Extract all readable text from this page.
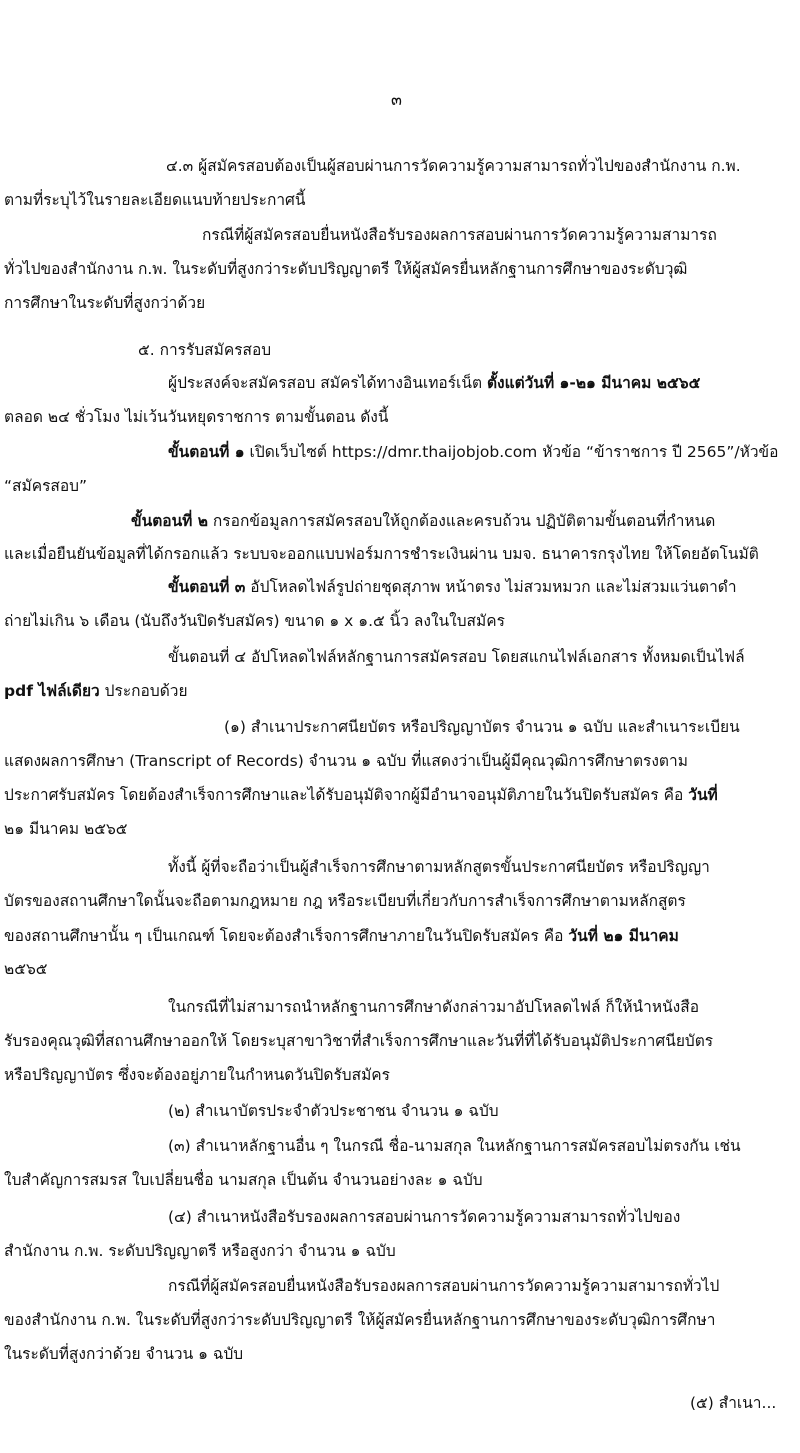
๓
๔.๓ ผู้สมัครสอบต้องเป็นผู้สอบผ่านการวัดความรู้ความสามารถทั่วไปของสำนักงาน ก.พ.
ตามที่ระบุไว้ในรายละเอียดแนบท้ายประกาศนี้
กรณีที่ผู้สมัครสอบยื่นหนังสือรับรองผลการสอบผ่านการวัดความรู้ความสามารถ
ทั่วไปของสำนักงาน ก.พ. ในระดับที่สูงกว่าระดับปริญญาตรี ให้ผู้สมัครยื่นหลักฐานการศึกษาของระดับวุฒิ
การศึกษาในระดับที่สูงกว่าด้วย
๕. การรับสมัครสอบ
ผู้ประสงค์จะสมัครสอบ สมัครได้ทางอินเทอร์เน็ต ตั้งแต่วันที่ ๑-๒๑ มีนาคม ๒๕๖๕
ตลอด ๒๔ ชั่วโมง ไม่เว้นวันหยุดราชการ ตามขั้นตอน ดังนี้
ขั้นตอนที่ ๑ เปิดเว็บไซต์ https://dmr.thaijobjob.com หัวข้อ “ข้าราชการ ปี 2565”/หัวข้อ
“สมัครสอบ”
ขั้นตอนที่ ๒ กรอกข้อมูลการสมัครสอบให้ถูกต้องและครบถ้วน ปฏิบัติตามขั้นตอนที่กำหนด
และเมื่อยืนยันข้อมูลที่ได้กรอกแล้ว ระบบจะออกแบบฟอร์มการชำระเงินผ่าน บมจ. ธนาคารกรุงไทย ให้โดยอัตโนมัติ
ขั้นตอนที่ ๓ อัปโหลดไฟล์รูปถ่ายชุดสุภาพ หน้าตรง ไม่สวมหมวก และไม่สวมแว่นตาดำ
ถ่ายไม่เกิน ๖ เดือน (นับถึงวันปิดรับสมัคร) ขนาด ๑ x ๑.๕ นิ้ว ลงในใบสมัคร
ขั้นตอนที่ ๔ อัปโหลดไฟล์หลักฐานการสมัครสอบ โดยสแกนไฟล์เอกสาร ทั้งหมดเป็นไฟล์
pdf ไฟล์เดียว ประกอบด้วย
(๑) สำเนาประกาศนียบัตร หรือปริญญาบัตร จำนวน ๑ ฉบับ และสำเนาระเบียน
แสดงผลการศึกษา (Transcript of Records) จำนวน ๑ ฉบับ ที่แสดงว่าเป็นผู้มีคุณวุฒิการศึกษาตรงตาม
ประกาศรับสมัคร โดยต้องสำเร็จการศึกษาและได้รับอนุมัติจากผู้มีอำนาจอนุมัติภายในวันปิดรับสมัคร คือ วันที่
๒๑ มีนาคม ๒๕๖๕
ทั้งนี้ ผู้ที่จะถือว่าเป็นผู้สำเร็จการศึกษาตามหลักสูตรขั้นประกาศนียบัตร หรือปริญญา
บัตรของสถานศึกษาใดนั้นจะถือตามกฎหมาย กฎ หรือระเบียบที่เกี่ยวกับการสำเร็จการศึกษาตามหลักสูตร
ของสถานศึกษานั้น ๆ เป็นเกณฑ์ โดยจะต้องสำเร็จการศึกษาภายในวันปิดรับสมัคร คือ วันที่ ๒๑ มีนาคม
๒๕๖๕
ในกรณีที่ไม่สามารถนำหลักฐานการศึกษาดังกล่าวมาอัปโหลดไฟล์ ก็ให้นำหนังสือ
รับรองคุณวุฒิที่สถานศึกษาออกให้ โดยระบุสาขาวิชาที่สำเร็จการศึกษาและวันที่ที่ได้รับอนุมัติประกาศนียบัตร
หรือปริญญาบัตร ซึ่งจะต้องอยู่ภายในกำหนดวันปิดรับสมัคร
(๒) สำเนาบัตรประจำตัวประชาชน จำนวน ๑ ฉบับ
(๓) สำเนาหลักฐานอื่น ๆ ในกรณี ชื่อ-นามสกุล ในหลักฐานการสมัครสอบไม่ตรงกัน เช่น
ใบสำคัญการสมรส ใบเปลี่ยนชื่อ นามสกุล เป็นต้น จำนวนอย่างละ ๑ ฉบับ
(๔) สำเนาหนังสือรับรองผลการสอบผ่านการวัดความรู้ความสามารถทั่วไปของ
สำนักงาน ก.พ. ระดับปริญญาตรี หรือสูงกว่า จำนวน ๑ ฉบับ
กรณีที่ผู้สมัครสอบยื่นหนังสือรับรองผลการสอบผ่านการวัดความรู้ความสามารถทั่วไป
ของสำนักงาน ก.พ. ในระดับที่สูงกว่าระดับปริญญาตรี ให้ผู้สมัครยื่นหลักฐานการศึกษาของระดับวุฒิการศึกษา
ในระดับที่สูงกว่าด้วย จำนวน ๑ ฉบับ
(๕) สำเนา...
